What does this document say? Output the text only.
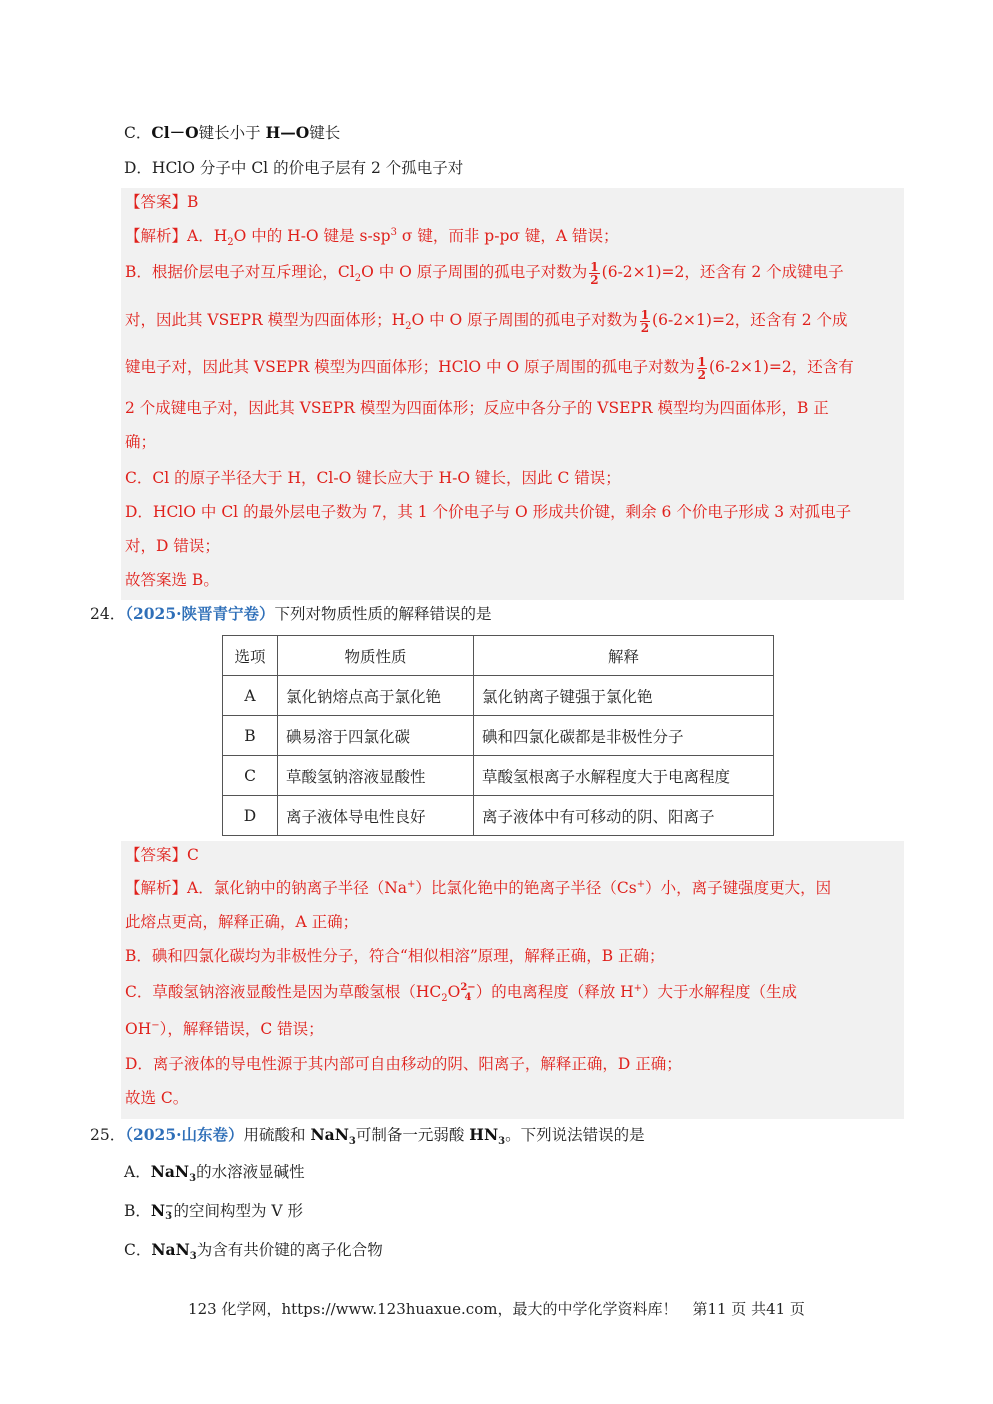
C．Cl－O键长小于 H—O键长
D．HClO 分子中 Cl 的价电子层有 2 个孤电子对
【答案】B
【解析】A．$H_2O$ 中的 H-O 键是 $s-sp^3$ σ 键，而非 p-pσ 键，A 错误；
B．根据价层电子对互斥理论，$Cl_2O$ 中 O 原子周围的孤电子对数为 $\frac{1}{2} (6-2\times 1)=2$，还含有 2 个成键电子
对，因此其 VSEPR 模型为四面体形；$H_2O$ 中 O 原子周围的孤电子对数为 $\frac{1}{2} (6-2\times 1)=2$，还含有 2 个成
键电子对，因此其 VSEPR 模型为四面体形；HClO 中 O 原子周围的孤电子对数为 $\frac{1}{2} (6-2\times 1)=2$，还含有
2 个成键电子对，因此其 VSEPR 模型为四面体形；反应中各分子的 VSEPR 模型均为四面体形，B 正
确；
C．Cl 的原子半径大于 H，Cl-O 键长应大于 H-O 键长，因此 C 错误；
D．HClO 中 Cl 的最外层电子数为 7，其 1 个价电子与 O 形成共价键，剩余 6 个价电子形成 3 对孤电子
对，D 错误；
故答案选 B。
24．（2025·陕晋青宁卷）下列对物质性质的解释错误的是
选项	物质性质	解释
A	氯化钠熔点高于氯化铯	氯化钠离子键强于氯化铯
B	碘易溶于四氯化碳	碘和四氯化碳都是非极性分子
C	草酸氢钠溶液显酸性	草酸氢根离子水解程度大于电离程度
D	离子液体导电性良好	离子液体中有可移动的阴、阳离子
【答案】C
【解析】A．氯化钠中的钠离子半径（Na+）比氯化铯中的铯离子半径（Cs+）小，离子键强度更大，因
此熔点更高，解释正确，A 正确；
B．碘和四氯化碳均为非极性分子，符合“相似相溶”原理，解释正确，B 正确；
C．草酸氢钠溶液显酸性是因为草酸氢根（$HC_2O$ 2−
4 ）的电离程度（释放 H+）大于水解程度（生成
OH−），解释错误，C 错误；
D．离子液体的导电性源于其内部可自由移动的阴、阳离子，解释正确，D 正确；
故选 C。
25．（2025·山东卷）用硫酸和 NaN$_3$可制备一元弱酸 $HN_3$。下列说法错误的是
A．NaN$_3$的水溶液显碱性
B．N −
3 的空间构型为 V 形
C．NaN$_3$为含有共价键的离子化合物
123 化学网，https://www.123huaxue.com，最大的中学化学资料库！　第11 页 共41 页
